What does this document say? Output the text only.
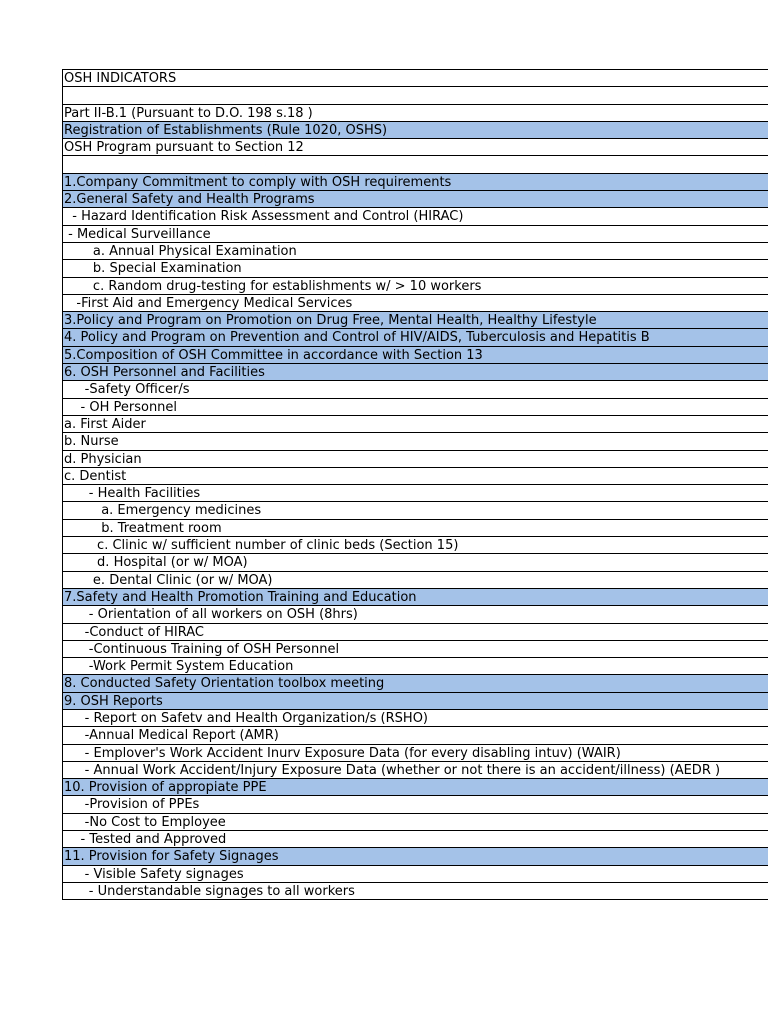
OSH INDICATORS
Part II-B.1 (Pursuant to D.O. 198 s.18 )
Registration of Establishments (Rule 1020, OSHS)
OSH Program pursuant to Section 12
1.Company Commitment to comply with OSH requirements
2.General Safety and Health Programs
- Hazard Identification Risk Assessment and Control (HIRAC)
- Medical Surveillance
a. Annual Physical Examination
b. Special Examination
c. Random drug-testing for establishments w/ > 10 workers
-First Aid and Emergency Medical Services
3.Policy and Program on Promotion on Drug Free, Mental Health, Healthy Lifestyle
4. Policy and Program on Prevention and Control of HIV/AIDS, Tuberculosis and Hepatitis B
5.Composition of OSH Committee in accordance with Section 13
6. OSH Personnel and Facilities
-Safety Officer/s
- OH Personnel
a. First Aider
b. Nurse
d. Physician
c. Dentist
- Health Facilities
a. Emergency medicines
b. Treatment room
c. Clinic w/ sufficient number of clinic beds (Section 15)
d. Hospital (or w/ MOA)
e. Dental Clinic (or w/ MOA)
7.Safety and Health Promotion Training and Education
- Orientation of all workers on OSH (8hrs)
-Conduct of HIRAC
-Continuous Training of OSH Personnel
-Work Permit System Education
8. Conducted Safety Orientation toolbox meeting
9. OSH Reports
- Report on Safetv and Health Organization/s (RSHO)
-Annual Medical Report (AMR)
- Emplover's Work Accident Inurv Exposure Data (for every disabling intuv) (WAIR)
- Annual Work Accident/Injury Exposure Data (whether or not there is an accident/illness) (AEDR )
10. Provision of appropiate PPE
-Provision of PPEs
-No Cost to Employee
- Tested and Approved
11. Provision for Safety Signages
- Visible Safety signages
- Understandable signages to all workers
